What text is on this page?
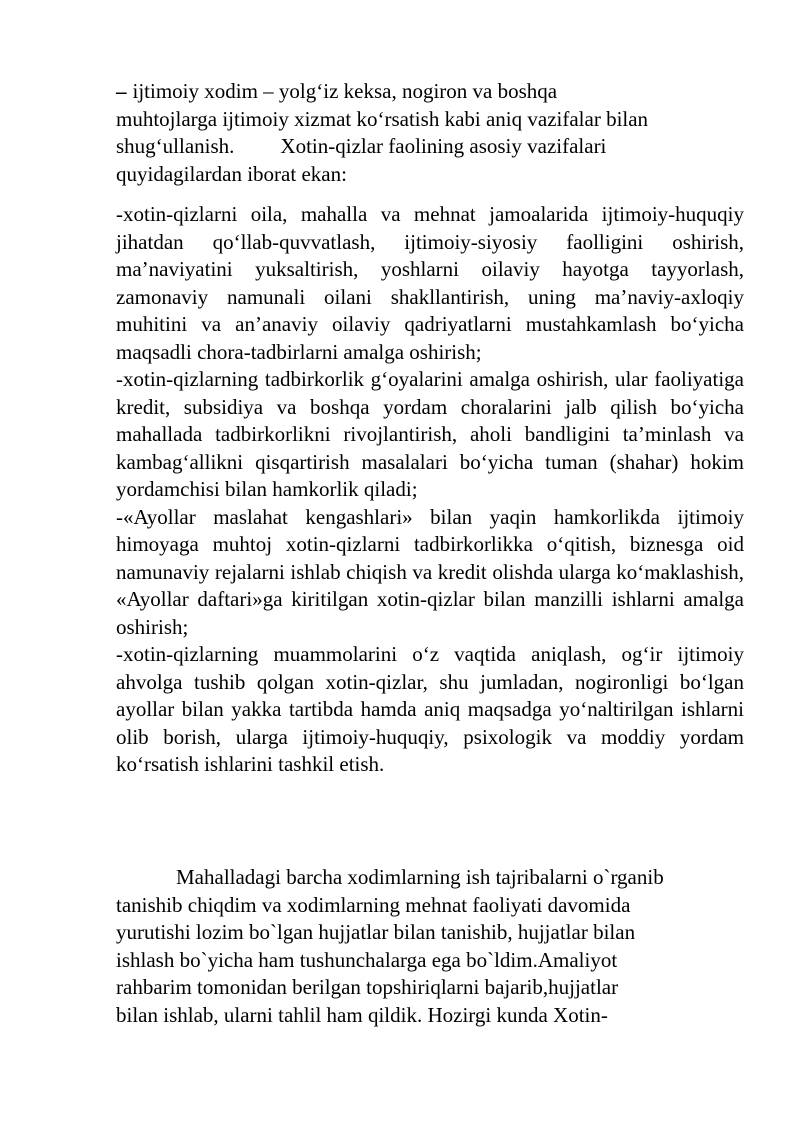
– ijtimoiy xodim – yolg‘iz keksa, nogiron va boshqa
muhtojlarga ijtimoiy xizmat ko‘rsatish kabi aniq vazifalar bilan
shug‘ullanish. Xotin-qizlar faolining asosiy vazifalari
quyidagilardan iborat ekan:

-xotin-qizlarni oila, mahalla va mehnat jamoalarida ijtimoiy-huquqiy jihatdan qo‘llab-quvvatlash, ijtimoiy-siyosiy faolligini oshirish, ma’naviyatini yuksaltirish, yoshlarni oilaviy hayotga tayyorlash, zamonaviy namunali oilani shakllantirish, uning ma’naviy-axloqiy muhitini va an’anaviy oilaviy qadriyatlarni mustahkamlash bo‘yicha maqsadli chora-tadbirlarni amalga oshirish;

-xotin-qizlarning tadbirkorlik g‘oyalarini amalga oshirish, ular faoliyatiga kredit, subsidiya va boshqa yordam choralarini jalb qilish bo‘yicha mahallada tadbirkorlikni rivojlantirish, aholi bandligini ta’minlash va kambag‘allikni qisqartirish masalalari bo‘yicha tuman (shahar) hokim yordamchisi bilan hamkorlik qiladi;

-«Ayollar maslahat kengashlari» bilan yaqin hamkorlikda ijtimoiy himoyaga muhtoj xotin-qizlarni tadbirkorlikka o‘qitish, biznesga oid namunaviy rejalarni ishlab chiqish va kredit olishda ularga ko‘maklashish, «Ayollar daftari»ga kiritilgan xotin-qizlar bilan manzilli ishlarni amalga oshirish;

-xotin-qizlarning muammolarini o‘z vaqtida aniqlash, og‘ir ijtimoiy ahvolga tushib qolgan xotin-qizlar, shu jumladan, nogironligi bo‘lgan ayollar bilan yakka tartibda hamda aniq maqsadga yo‘naltirilgan ishlarni olib borish, ularga ijtimoiy-huquqiy, psixologik va moddiy yordam ko‘rsatish ishlarini tashkil etish.

Mahalladagi barcha xodimlarning ish tajribalarni o`rganib
tanishib chiqdim va xodimlarning mehnat faoliyati davomida
yurutishi lozim bo`lgan hujjatlar bilan tanishib, hujjatlar bilan
ishlash bo`yicha ham tushunchalarga ega bo`ldim.Amaliyot
rahbarim tomonidan berilgan topshiriqlarni bajarib,hujjatlar
bilan ishlab, ularni tahlil ham qildik. Hozirgi kunda Xotin-
